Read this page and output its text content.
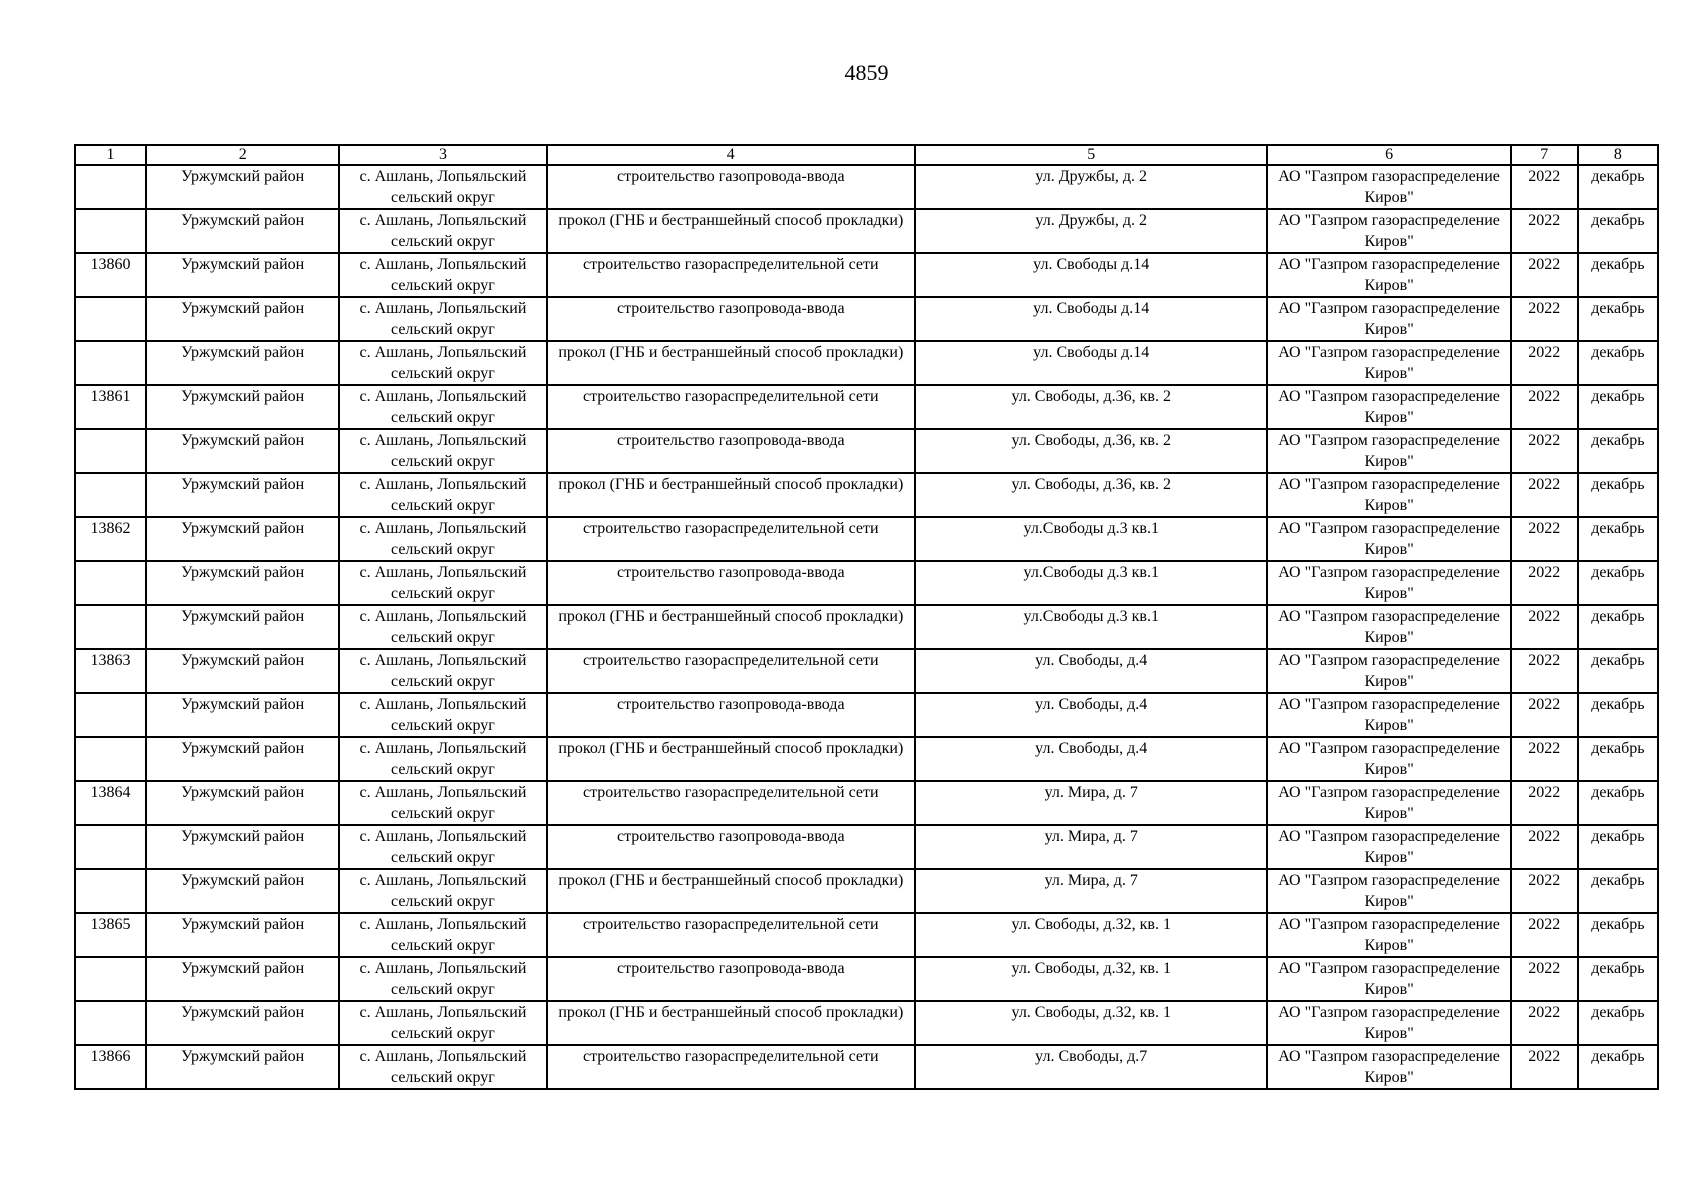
4859
1	2	3	4	5	6	7	8
	Уржумский район	с. Ашлань, Лопьяльский сельский округ	строительство газопровода-ввода	ул. Дружбы, д. 2	АО "Газпром газораспределение Киров"	2022	декабрь
	Уржумский район	с. Ашлань, Лопьяльский сельский округ	прокол (ГНБ и бестраншейный способ прокладки)	ул. Дружбы, д. 2	АО "Газпром газораспределение Киров"	2022	декабрь
13860	Уржумский район	с. Ашлань, Лопьяльский сельский округ	строительство газораспределительной сети	ул. Свободы д.14	АО "Газпром газораспределение Киров"	2022	декабрь
	Уржумский район	с. Ашлань, Лопьяльский сельский округ	строительство газопровода-ввода	ул. Свободы д.14	АО "Газпром газораспределение Киров"	2022	декабрь
	Уржумский район	с. Ашлань, Лопьяльский сельский округ	прокол (ГНБ и бестраншейный способ прокладки)	ул. Свободы д.14	АО "Газпром газораспределение Киров"	2022	декабрь
13861	Уржумский район	с. Ашлань, Лопьяльский сельский округ	строительство газораспределительной сети	ул. Свободы, д.36, кв. 2	АО "Газпром газораспределение Киров"	2022	декабрь
	Уржумский район	с. Ашлань, Лопьяльский сельский округ	строительство газопровода-ввода	ул. Свободы, д.36, кв. 2	АО "Газпром газораспределение Киров"	2022	декабрь
	Уржумский район	с. Ашлань, Лопьяльский сельский округ	прокол (ГНБ и бестраншейный способ прокладки)	ул. Свободы, д.36, кв. 2	АО "Газпром газораспределение Киров"	2022	декабрь
13862	Уржумский район	с. Ашлань, Лопьяльский сельский округ	строительство газораспределительной сети	ул.Свободы д.3 кв.1	АО "Газпром газораспределение Киров"	2022	декабрь
	Уржумский район	с. Ашлань, Лопьяльский сельский округ	строительство газопровода-ввода	ул.Свободы д.3 кв.1	АО "Газпром газораспределение Киров"	2022	декабрь
	Уржумский район	с. Ашлань, Лопьяльский сельский округ	прокол (ГНБ и бестраншейный способ прокладки)	ул.Свободы д.3 кв.1	АО "Газпром газораспределение Киров"	2022	декабрь
13863	Уржумский район	с. Ашлань, Лопьяльский сельский округ	строительство газораспределительной сети	ул. Свободы, д.4	АО "Газпром газораспределение Киров"	2022	декабрь
	Уржумский район	с. Ашлань, Лопьяльский сельский округ	строительство газопровода-ввода	ул. Свободы, д.4	АО "Газпром газораспределение Киров"	2022	декабрь
	Уржумский район	с. Ашлань, Лопьяльский сельский округ	прокол (ГНБ и бестраншейный способ прокладки)	ул. Свободы, д.4	АО "Газпром газораспределение Киров"	2022	декабрь
13864	Уржумский район	с. Ашлань, Лопьяльский сельский округ	строительство газораспределительной сети	ул. Мира, д. 7	АО "Газпром газораспределение Киров"	2022	декабрь
	Уржумский район	с. Ашлань, Лопьяльский сельский округ	строительство газопровода-ввода	ул. Мира, д. 7	АО "Газпром газораспределение Киров"	2022	декабрь
	Уржумский район	с. Ашлань, Лопьяльский сельский округ	прокол (ГНБ и бестраншейный способ прокладки)	ул. Мира, д. 7	АО "Газпром газораспределение Киров"	2022	декабрь
13865	Уржумский район	с. Ашлань, Лопьяльский сельский округ	строительство газораспределительной сети	ул. Свободы, д.32, кв. 1	АО "Газпром газораспределение Киров"	2022	декабрь
	Уржумский район	с. Ашлань, Лопьяльский сельский округ	строительство газопровода-ввода	ул. Свободы, д.32, кв. 1	АО "Газпром газораспределение Киров"	2022	декабрь
	Уржумский район	с. Ашлань, Лопьяльский сельский округ	прокол (ГНБ и бестраншейный способ прокладки)	ул. Свободы, д.32, кв. 1	АО "Газпром газораспределение Киров"	2022	декабрь
13866	Уржумский район	с. Ашлань, Лопьяльский сельский округ	строительство газораспределительной сети	ул. Свободы, д.7	АО "Газпром газораспределение Киров"	2022	декабрь
